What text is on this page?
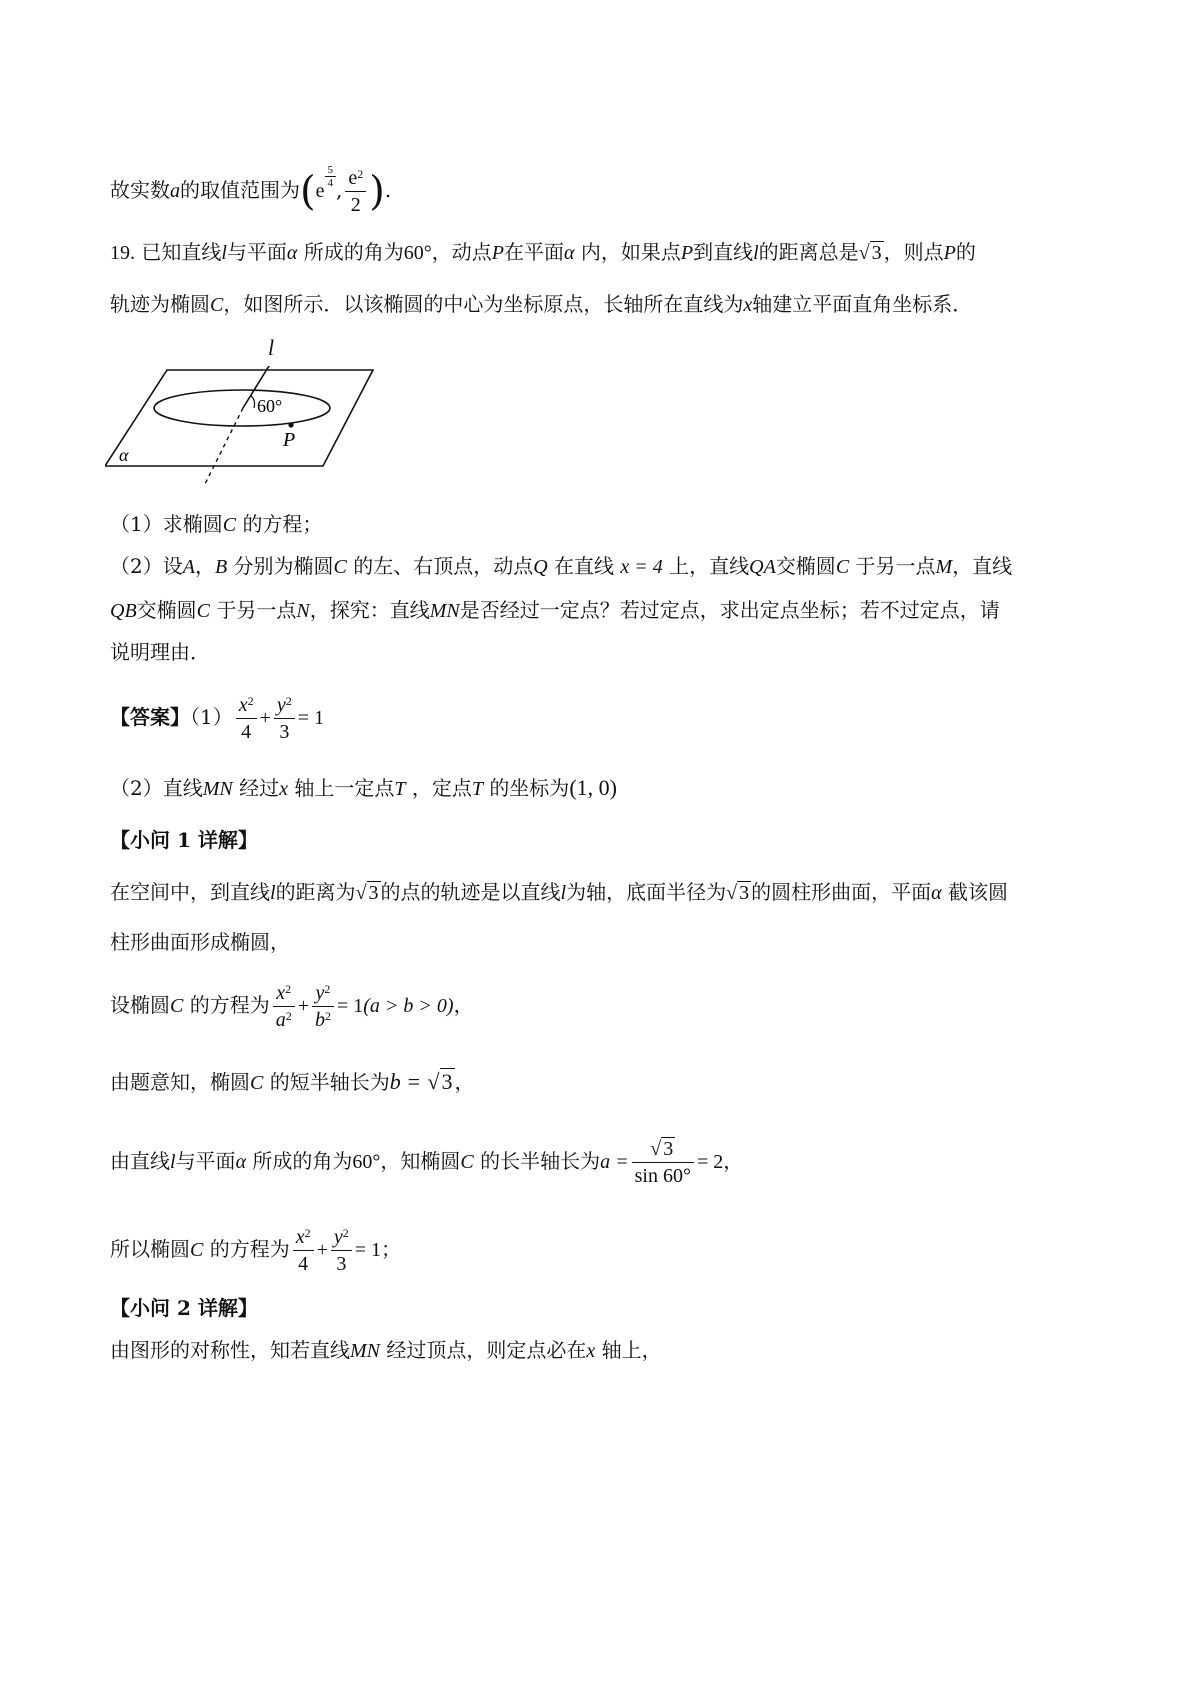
故实数a的取值范围为(e
$^{\frac{5}{4}}$
, $\frac{e^2}{2}$ ).
19. 已知直线l与平面α 所成的角为60°，动点P在平面α 内，如果点P到直线l的距离总是√ 3 ，则点P的
轨迹为椭圆C，如图所示．以该椭圆的中心为坐标原点，长轴所在直线为x轴建立平面直角坐标系．
60°
P
α
l
（1）求椭圆C 的方程；
（2）设A，B 分别为椭圆C 的左、右顶点，动点Q 在直线 x = 4 上，直线QA交椭圆C 于另一点M，直线
QB交椭圆C 于另一点N，探究：直线MN是否经过一定点？若过定点，求出定点坐标；若不过定点，请
说明理由．
【答案】$(1) \frac{x^2}{4} + \frac{y^2}{3} = 1$
（2）直线MN 经过x 轴上一定点T ，定点T 的坐标为(1, 0)
【小问 1 详解】
在空间中，到直线l的距离为√ 3 的点的轨迹是以直线l为轴，底面半径为√ 3 的圆柱形曲面，平面α 截该圆
柱形曲面形成椭圆，
设椭圆C 的方程为 $\frac{x^2}{a^2} + \frac{y^2}{b^2} = 1(a > b > 0)$，
由题意知，椭圆C 的短半轴长为b = √3 ，
由直线l与平面α 所成的角为60°，知椭圆C 的长半轴长为$a = \frac{√ 3}{\sin 60^\circ} = 2$，
所以椭圆C 的方程为 $\frac{x^2}{4} + \frac{y^2}{3} = 1$；
【小问 2 详解】
由图形的对称性，知若直线MN 经过顶点，则定点必在x 轴上，
